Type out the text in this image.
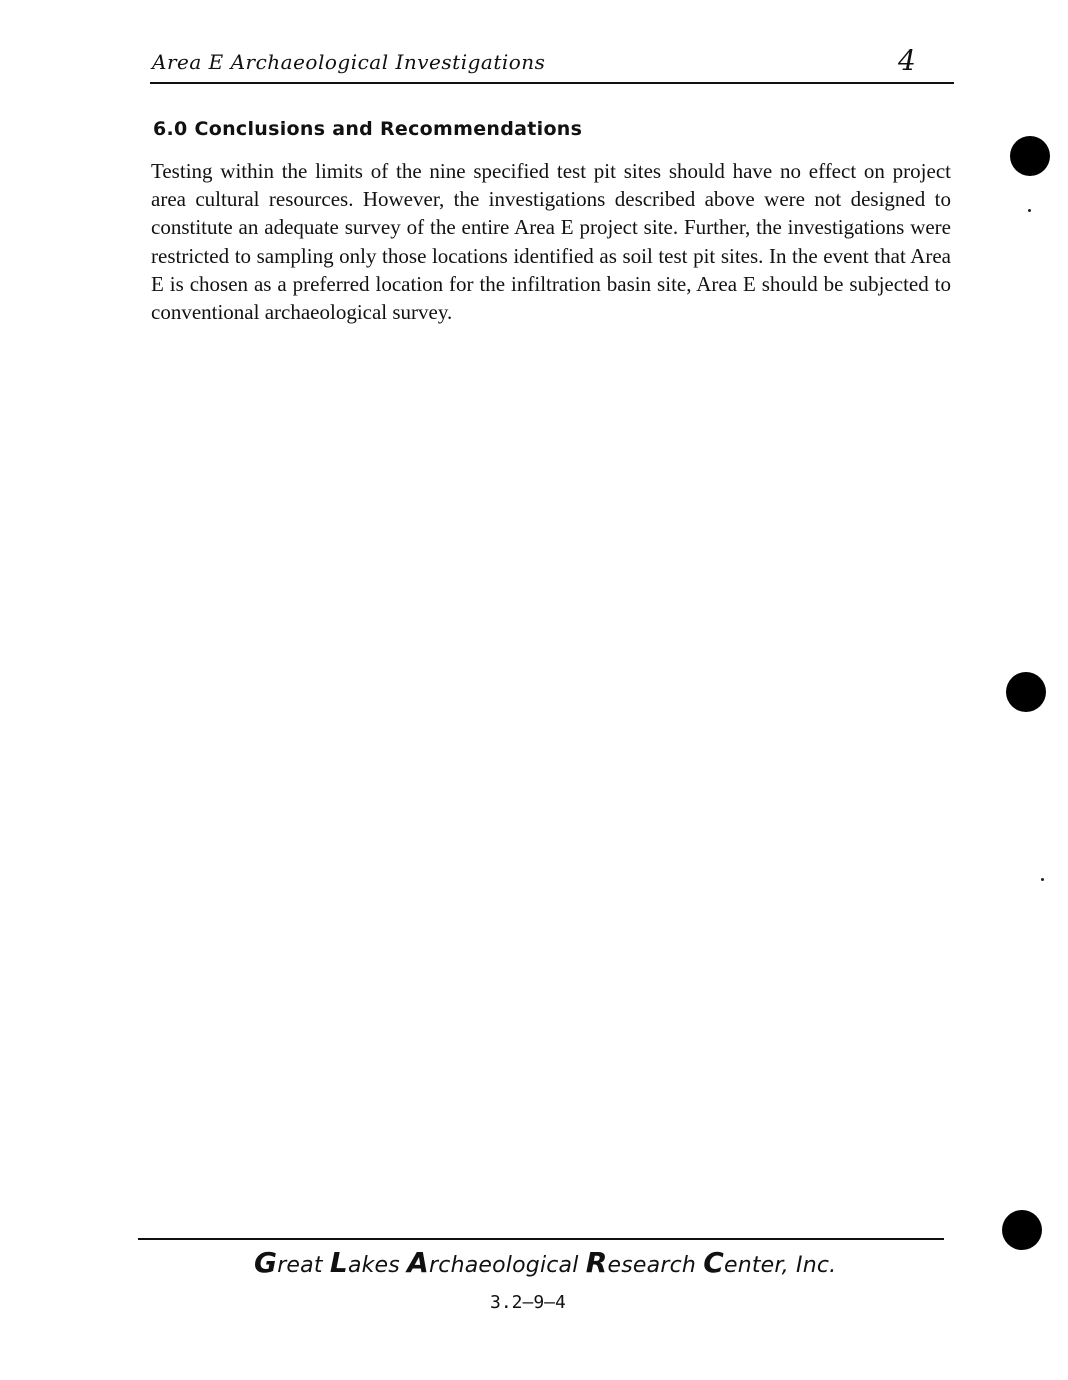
Area E Archaeological Investigations	4
6.0 Conclusions and Recommendations

Testing within the limits of the nine specified test pit sites should have no effect on project area cultural resources. However, the investigations described above were not designed to constitute an adequate survey of the entire Area E project site. Further, the investigations were restricted to sampling only those locations identified as soil test pit sites. In the event that Area E is chosen as a preferred location for the infiltration basin site, Area E should be subjected to conventional archaeological survey.

Great Lakes Archaeological Research Center, Inc.
3.2–9–4
